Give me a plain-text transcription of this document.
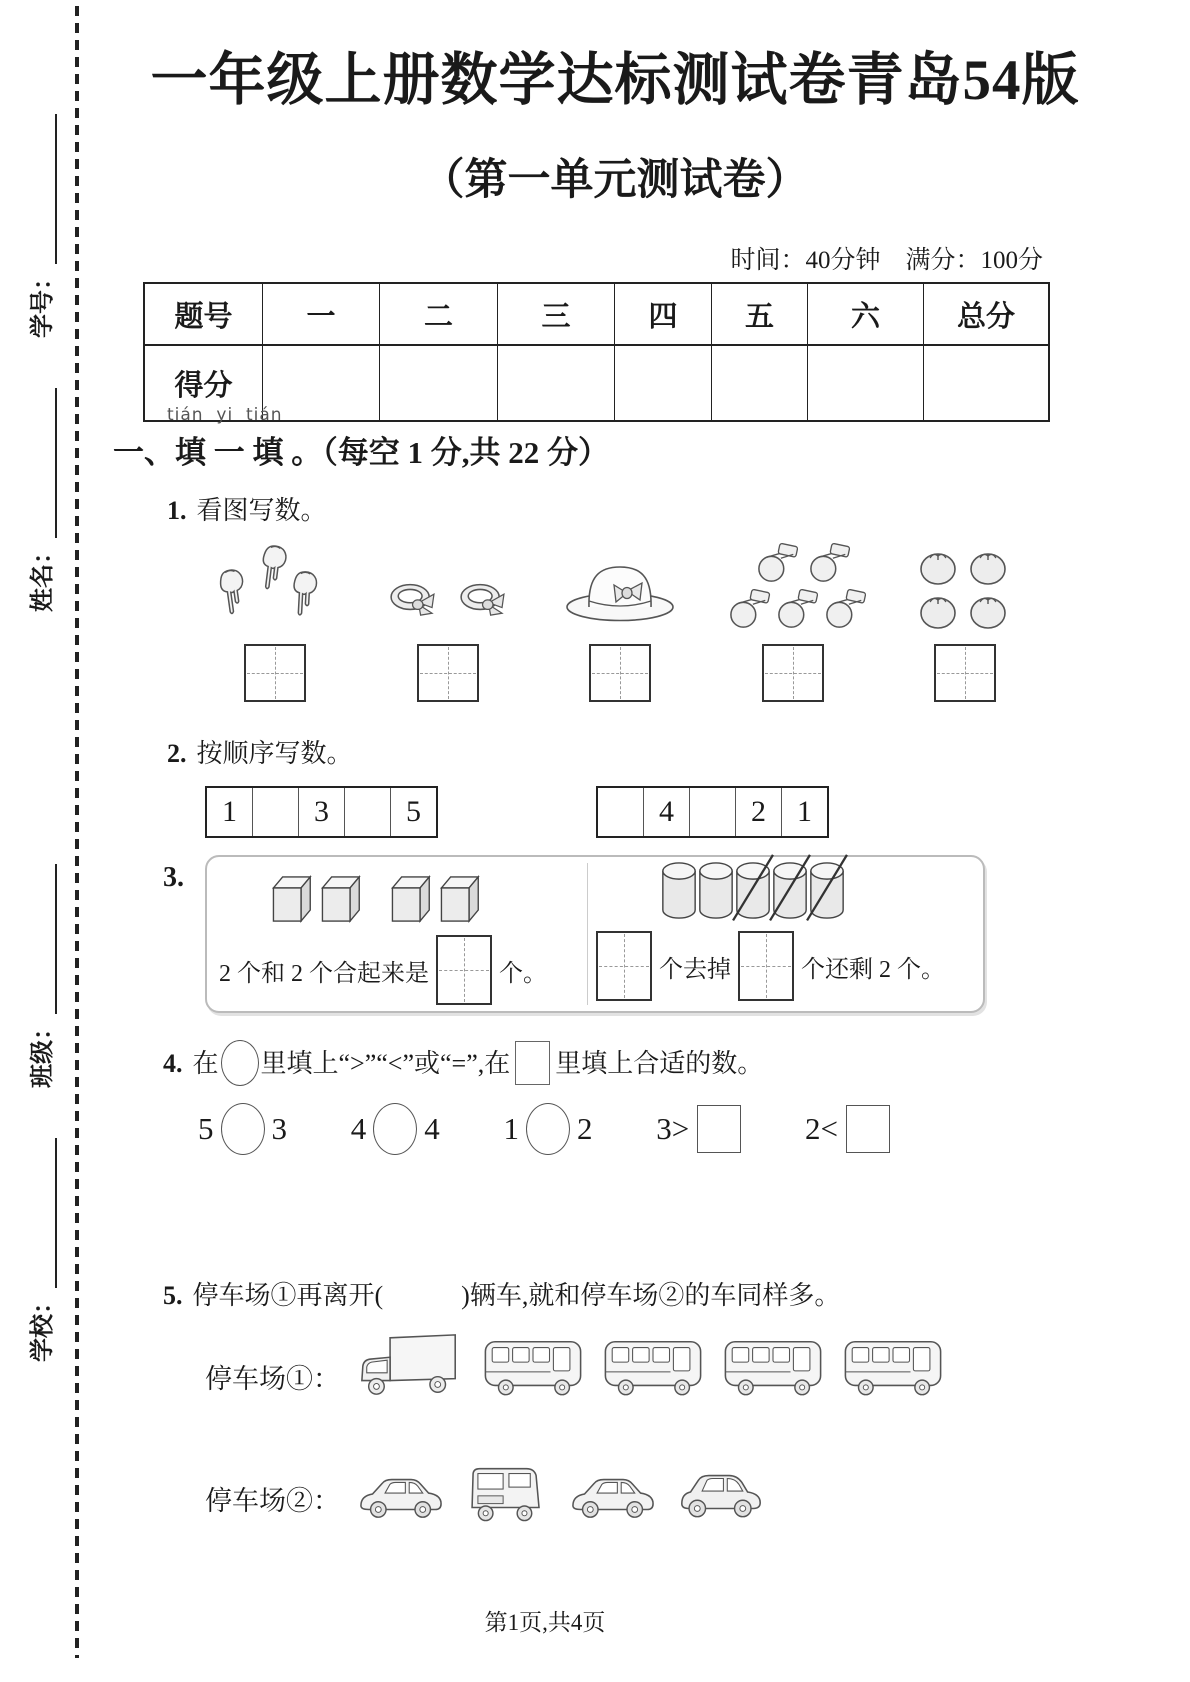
学号：
姓名：
班级：
学校：
一年级上册数学达标测试卷青岛54版
（第一单元测试卷）
时间：40分钟　满分：100分
题号	一	二	三	四	五	六	总分
得分
tián  yi  tián
一、填 一 填 。（每空 1 分,共 22 分）
1. 看图写数。
2. 按顺序写数。
1	3	5	4	2	1
3.
2 个和 2 个合起来是	个。	个去掉	个还剩 2 个。
4. 在 里填上“>”“<”或“=”,在 里填上合适的数。
5 3 4 4 1 2 3>	2<
5. 停车场①再离开(　　　)辆车,就和停车场②的车同样多。
停车场①：
停车场②：
第1页,共4页
